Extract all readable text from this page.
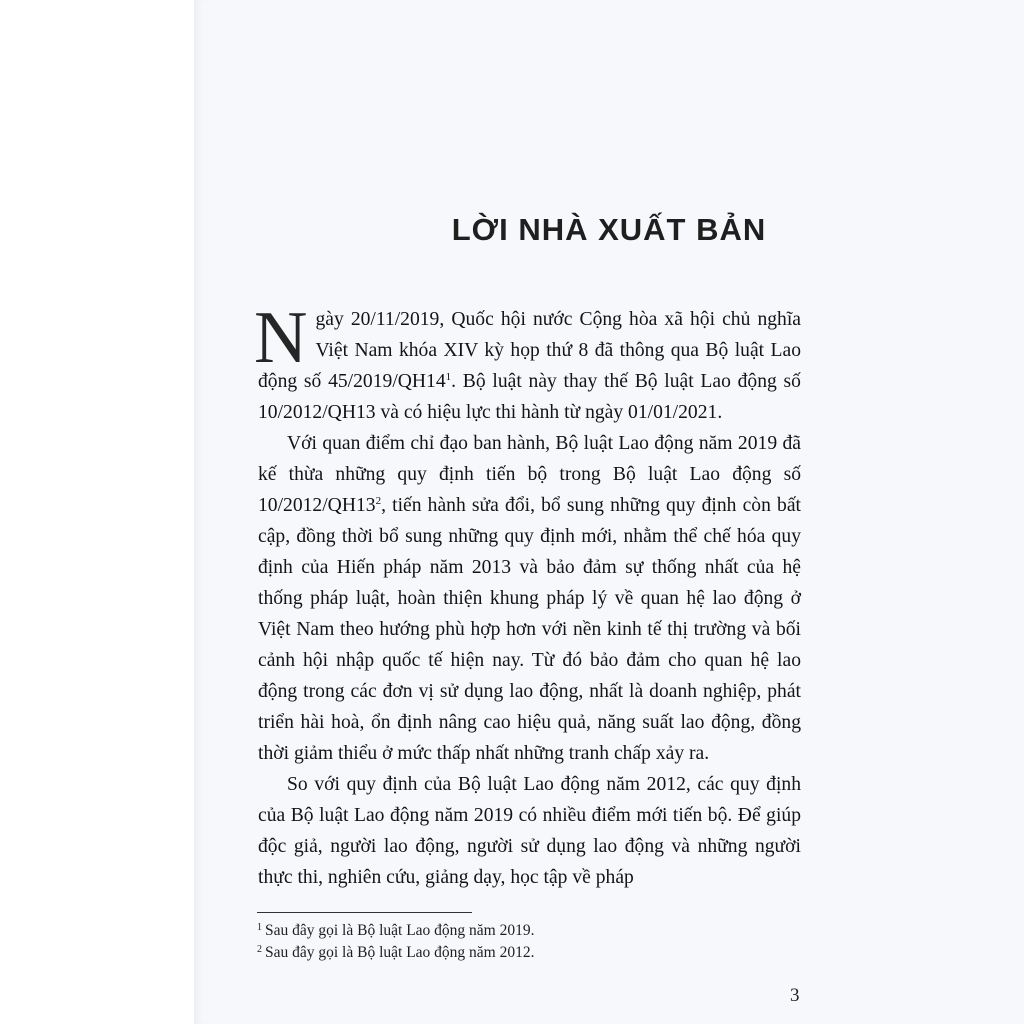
LỜI NHÀ XUẤT BẢN

Ngày 20/11/2019, Quốc hội nước Cộng hòa xã hội chủ nghĩa Việt Nam khóa XIV kỳ họp thứ 8 đã thông qua Bộ luật Lao động số $45/2019/QH14^1$. Bộ luật này thay thế Bộ luật Lao động số 10/2012/QH13 và có hiệu lực thi hành từ ngày 01/01/2021.

Với quan điểm chỉ đạo ban hành, Bộ luật Lao động năm 2019 đã kế thừa những quy định tiến bộ trong Bộ luật Lao động số $10/2012/QH13^2$, tiến hành sửa đổi, bổ sung những quy định còn bất cập, đồng thời bổ sung những quy định mới, nhằm thể chế hóa quy định của Hiến pháp năm 2013 và bảo đảm sự thống nhất của hệ thống pháp luật, hoàn thiện khung pháp lý về quan hệ lao động ở Việt Nam theo hướng phù hợp hơn với nền kinh tế thị trường và bối cảnh hội nhập quốc tế hiện nay. Từ đó bảo đảm cho quan hệ lao động trong các đơn vị sử dụng lao động, nhất là doanh nghiệp, phát triển hài hoà, ổn định nâng cao hiệu quả, năng suất lao động, đồng thời giảm thiểu ở mức thấp nhất những tranh chấp xảy ra.

So với quy định của Bộ luật Lao động năm 2012, các quy định của Bộ luật Lao động năm 2019 có nhiều điểm mới tiến bộ. Để giúp độc giả, người lao động, người sử dụng lao động và những người thực thi, nghiên cứu, giảng dạy, học tập về pháp

$^1$ Sau đây gọi là Bộ luật Lao động năm 2019.

$^2$ Sau đây gọi là Bộ luật Lao động năm 2012.

3
